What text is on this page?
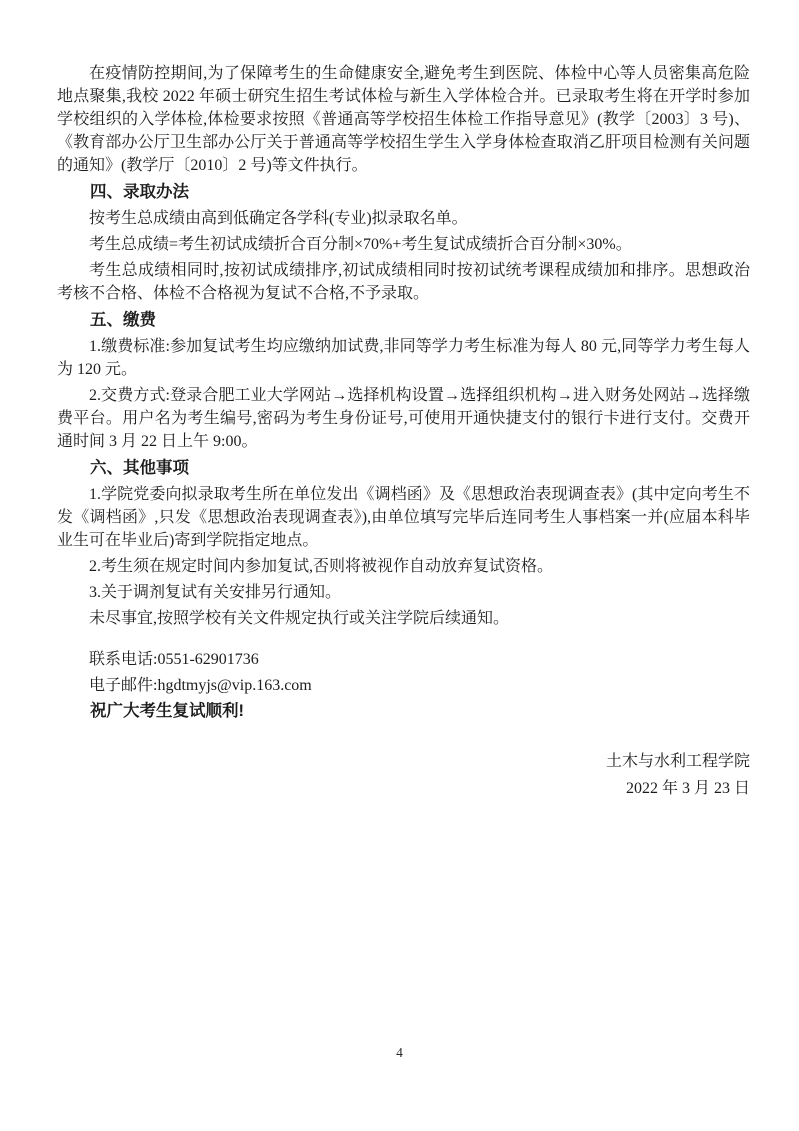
在疫情防控期间,为了保障考生的生命健康安全,避免考生到医院、体检中心等人员密集高危险地点聚集,我校 2022 年硕士研究生招生考试体检与新生入学体检合并。已录取考生将在开学时参加学校组织的入学体检,体检要求按照《普通高等学校招生体检工作指导意见》(教学〔2003〕3 号)、《教育部办公厅卫生部办公厅关于普通高等学校招生学生入学身体检查取消乙肝项目检测有关问题的通知》(教学厅〔2010〕2 号)等文件执行。

四、录取办法

按考生总成绩由高到低确定各学科(专业)拟录取名单。

考生总成绩=考生初试成绩折合百分制×70%+考生复试成绩折合百分制×30%。

考生总成绩相同时,按初试成绩排序,初试成绩相同时按初试统考课程成绩加和排序。思想政治考核不合格、体检不合格视为复试不合格,不予录取。

五、缴费

1.缴费标准:参加复试考生均应缴纳加试费,非同等学力考生标准为每人 80 元,同等学力考生每人为 120 元。

2.交费方式:登录合肥工业大学网站→选择机构设置→选择组织机构→进入财务处网站→选择缴费平台。用户名为考生编号,密码为考生身份证号,可使用开通快捷支付的银行卡进行支付。交费开通时间 3 月 22 日上午 9:00。

六、其他事项

1.学院党委向拟录取考生所在单位发出《调档函》及《思想政治表现调查表》(其中定向考生不发《调档函》,只发《思想政治表现调查表》),由单位填写完毕后连同考生人事档案一并(应届本科毕业生可在毕业后)寄到学院指定地点。

2.考生须在规定时间内参加复试,否则将被视作自动放弃复试资格。

3.关于调剂复试有关安排另行通知。

未尽事宜,按照学校有关文件规定执行或关注学院后续通知。

联系电话:0551-62901736

电子邮件:hgdtmyjs@vip.163.com

祝广大考生复试顺利!

土木与水利工程学院

2022 年 3 月 23 日

4
